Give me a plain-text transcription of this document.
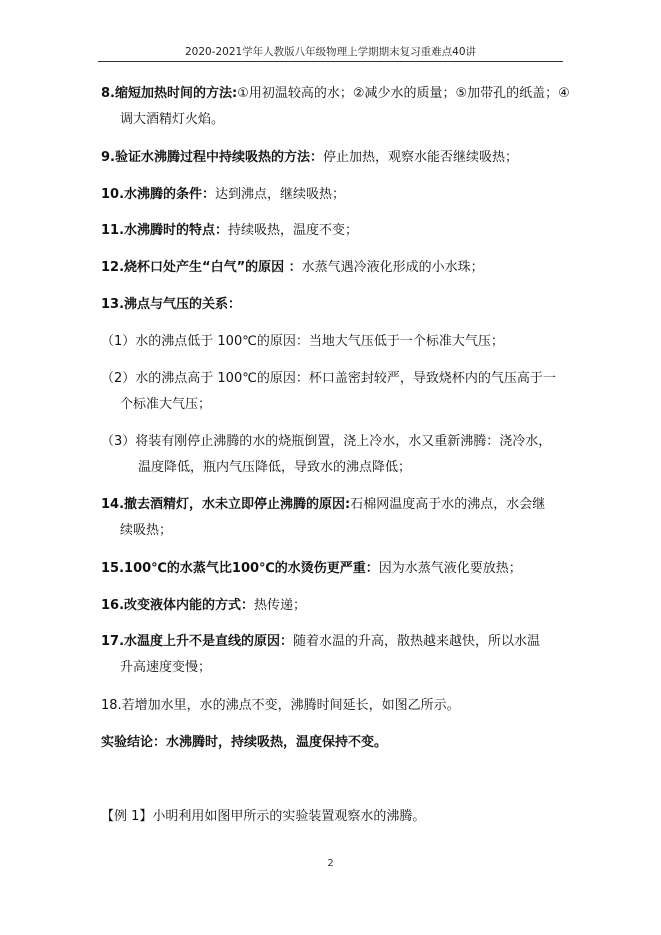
2020-2021学年人教版八年级物理上学期期末复习重难点40讲
8.缩短加热时间的方法:①用初温较高的水；②减少水的质量；⑤加带孔的纸盖；④
调大酒精灯火焰。
9.验证水沸腾过程中持续吸热的方法：停止加热，观察水能否继续吸热；
10.水沸腾的条件：达到沸点，继续吸热；
11.水沸腾时的特点：持续吸热，温度不变；
12.烧杯口处产生“白气”的原因 ：水蒸气遇冷液化形成的小水珠；
13.沸点与气压的关系：
（1）水的沸点低于 100℃的原因：当地大气压低于一个标准大气压；
（2）水的沸点高于 100℃的原因：杯口盖密封较严，导致烧杯内的气压高于一
个标准大气压；
（3）将装有刚停止沸腾的水的烧瓶倒置，浇上冷水，水又重新沸腾：浇冷水，
温度降低，瓶内气压降低，导致水的沸点降低；
14.撤去酒精灯，水未立即停止沸腾的原因:石棉网温度高于水的沸点，水会继
续吸热；
15.100℃的水蒸气比100℃的水烫伤更严重：因为水蒸气液化要放热；
16.改变液体内能的方式：热传递；
17.水温度上升不是直线的原因：随着水温的升高，散热越来越快，所以水温
升高速度变慢；
18.若增加水里，水的沸点不变，沸腾时间延长，如图乙所示。
实验结论：水沸腾时，持续吸热，温度保持不变。
【例 1】小明利用如图甲所示的实验装置观察水的沸腾。
2
